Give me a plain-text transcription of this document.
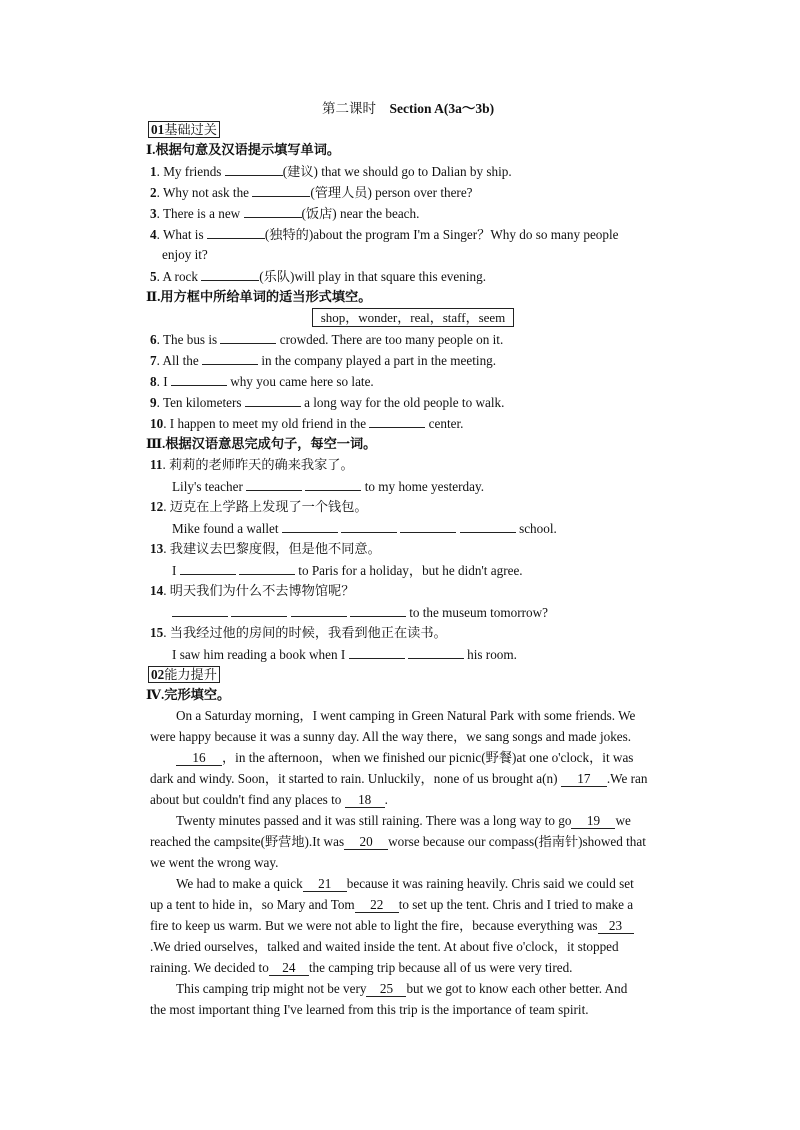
第二课时 Section A(3a～3b)
01基础过关
Ⅰ.根据句意及汉语提示填写单词。
1. My friends	(建议) that we should go to Dalian by ship.
2. Why not ask the	(管理人员) person over there?
3. There is a new	(饭店) near the beach.
4. What is	(独特的)about the program I'm a Singer？Why do so many people
enjoy it?
5. A rock	(乐队)will play in that square this evening.
Ⅱ.用方框中所给单词的适当形式填空。
shop，wonder，real，staff，seem
6. The bus is	crowded. There are too many people on it.
7. All the	in the company played a part in the meeting.
8. I	why you came here so late.
9. Ten kilometers	a long way for the old people to walk.
10. I happen to meet my old friend in the	center.
Ⅲ.根据汉语意思完成句子，每空一词。
11. 莉莉的老师昨天的确来我家了。
Lily's teacher	to my home yesterday.
12. 迈克在上学路上发现了一个钱包。
Mike found a wallet	school.
13. 我建议去巴黎度假，但是他不同意。
I	to Paris for a holiday，but he didn't agree.
14. 明天我们为什么不去博物馆呢？
to the museum tomorrow?
15. 当我经过他的房间的时候，我看到他正在读书。
I saw him reading a book when I	his room.
02能力提升
Ⅳ.完形填空。
On a Saturday morning，I went camping in Green Natural Park with some friends. We
were happy because it was a sunny day. All the way there，we sang songs and made jokes.
16 ，in the afternoon，when we finished our picnic(野餐)at one o'clock，it was
dark and windy. Soon，it started to rain. Unluckily，none of us brought a(n) 17 .We ran
about but couldn't find any places to 18 .
Twenty minutes passed and it was still raining. There was a long way to go 19 we
reached the campsite(野营地).It was 20 worse because our compass(指南针)showed that
we went the wrong way.
We had to make a quick 21 because it was raining heavily. Chris said we could set
up a tent to hide in，so Mary and Tom 22 to set up the tent. Chris and I tried to make a
fire to keep us warm. But we were not able to light the fire，because everything was 23
.We dried ourselves，talked and waited inside the tent. At about five o'clock，it stopped
raining. We decided to 24 the camping trip because all of us were very tired.
This camping trip might not be very 25 but we got to know each other better. And
the most important thing I've learned from this trip is the importance of team spirit.
